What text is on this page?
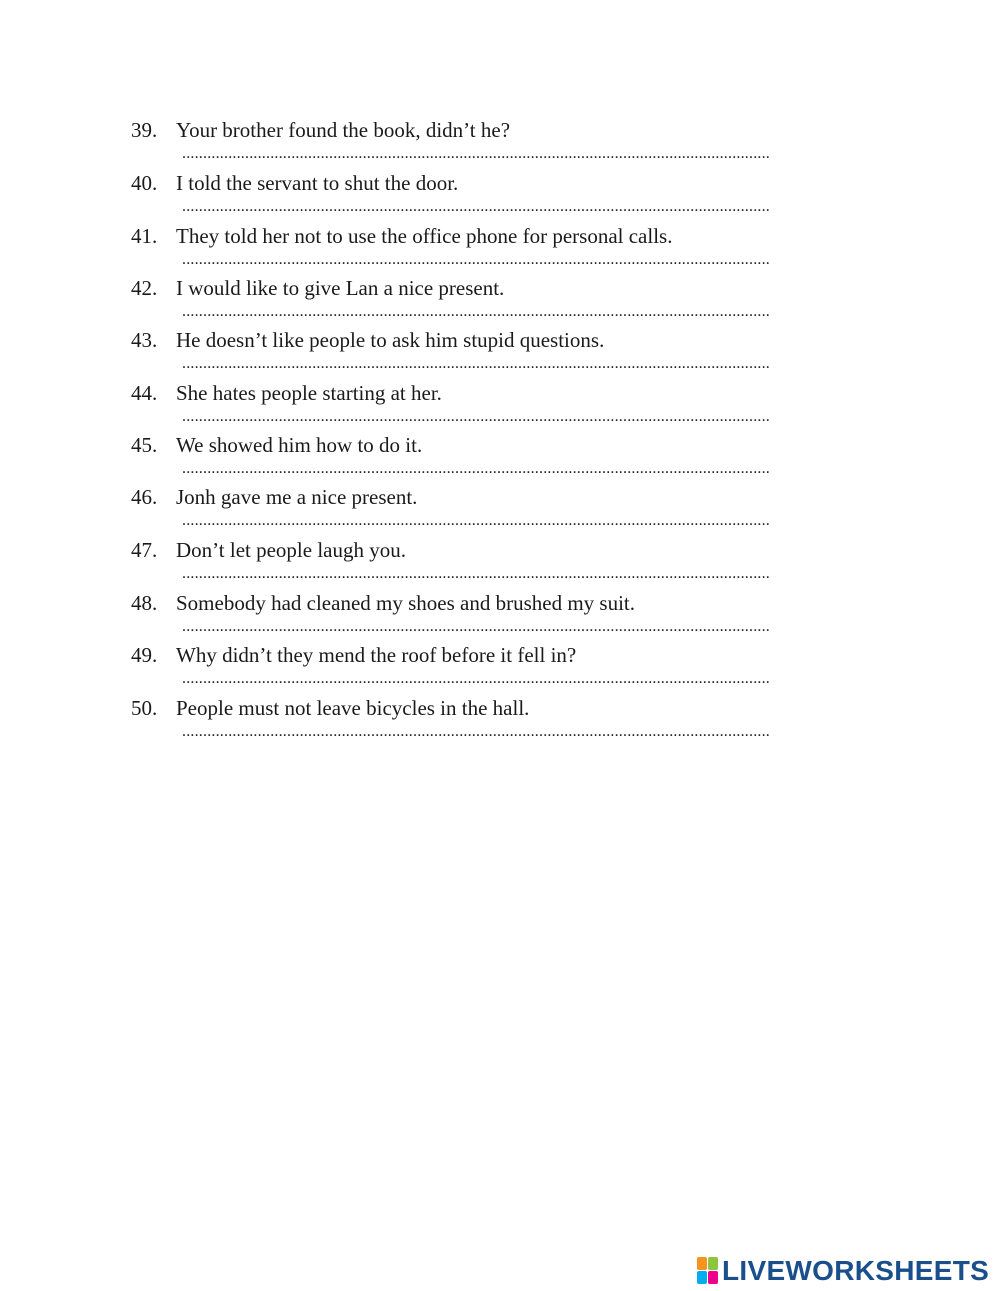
39. Your brother found the book, didn’t he?
............................................................................................................................................
40. I told the servant to shut the door.
............................................................................................................................................
41. They told her not to use the office phone for personal calls.
............................................................................................................................................
42. I would like to give Lan a nice present.
............................................................................................................................................
43. He doesn’t like people to ask him stupid questions.
............................................................................................................................................
44. She hates people starting at her.
............................................................................................................................................
45. We showed him how to do it.
............................................................................................................................................
46. Jonh gave me a nice present.
............................................................................................................................................
47. Don’t let people laugh you.
............................................................................................................................................
48. Somebody had cleaned my shoes and brushed my suit.
............................................................................................................................................
49. Why didn’t they mend the roof before it fell in?
............................................................................................................................................
50. People must not leave bicycles in the hall.
............................................................................................................................................
LIVEWORKSHEETS
